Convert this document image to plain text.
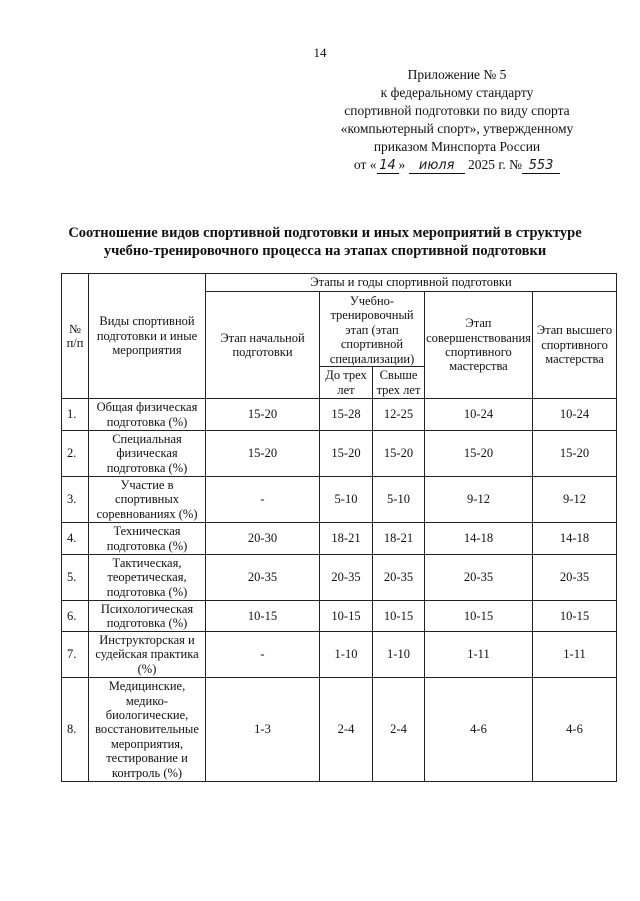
14
Приложение № 5
к федеральному стандарту
спортивной подготовки по виду спорта
«компьютерный спорт», утвержденному
приказом Минспорта России
от « 14 » июля 2025 г. № 553
Соотношение видов спортивной подготовки и иных мероприятий в структуре
учебно-тренировочного процесса на этапах спортивной подготовки
№ п/п	Виды спортивной подготовки и иные мероприятия	Этапы и годы спортивной подготовки				
		Этап начальной подготовки	Учебно-тренировочный этап (этап спортивной специализации)		Этап совершенствования спортивного мастерства	Этап высшего спортивного мастерства
			До трех лет	Свыше трех лет		
1.	Общая физическая подготовка (%)	15-20	15-28	12-25	10-24	10-24
2.	Специальная физическая подготовка (%)	15-20	15-20	15-20	15-20	15-20
3.	Участие в спортивных соревнованиях (%)	-	5-10	5-10	9-12	9-12
4.	Техническая подготовка (%)	20-30	18-21	18-21	14-18	14-18
5.	Тактическая, теоретическая, подготовка (%)	20-35	20-35	20-35	20-35	20-35
6.	Психологическая подготовка (%)	10-15	10-15	10-15	10-15	10-15
7.	Инструкторская и судейская практика (%)	-	1-10	1-10	1-11	1-11
8.	Медицинские, медико-биологические, восстановительные мероприятия, тестирование и контроль (%)	1-3	2-4	2-4	4-6	4-6
